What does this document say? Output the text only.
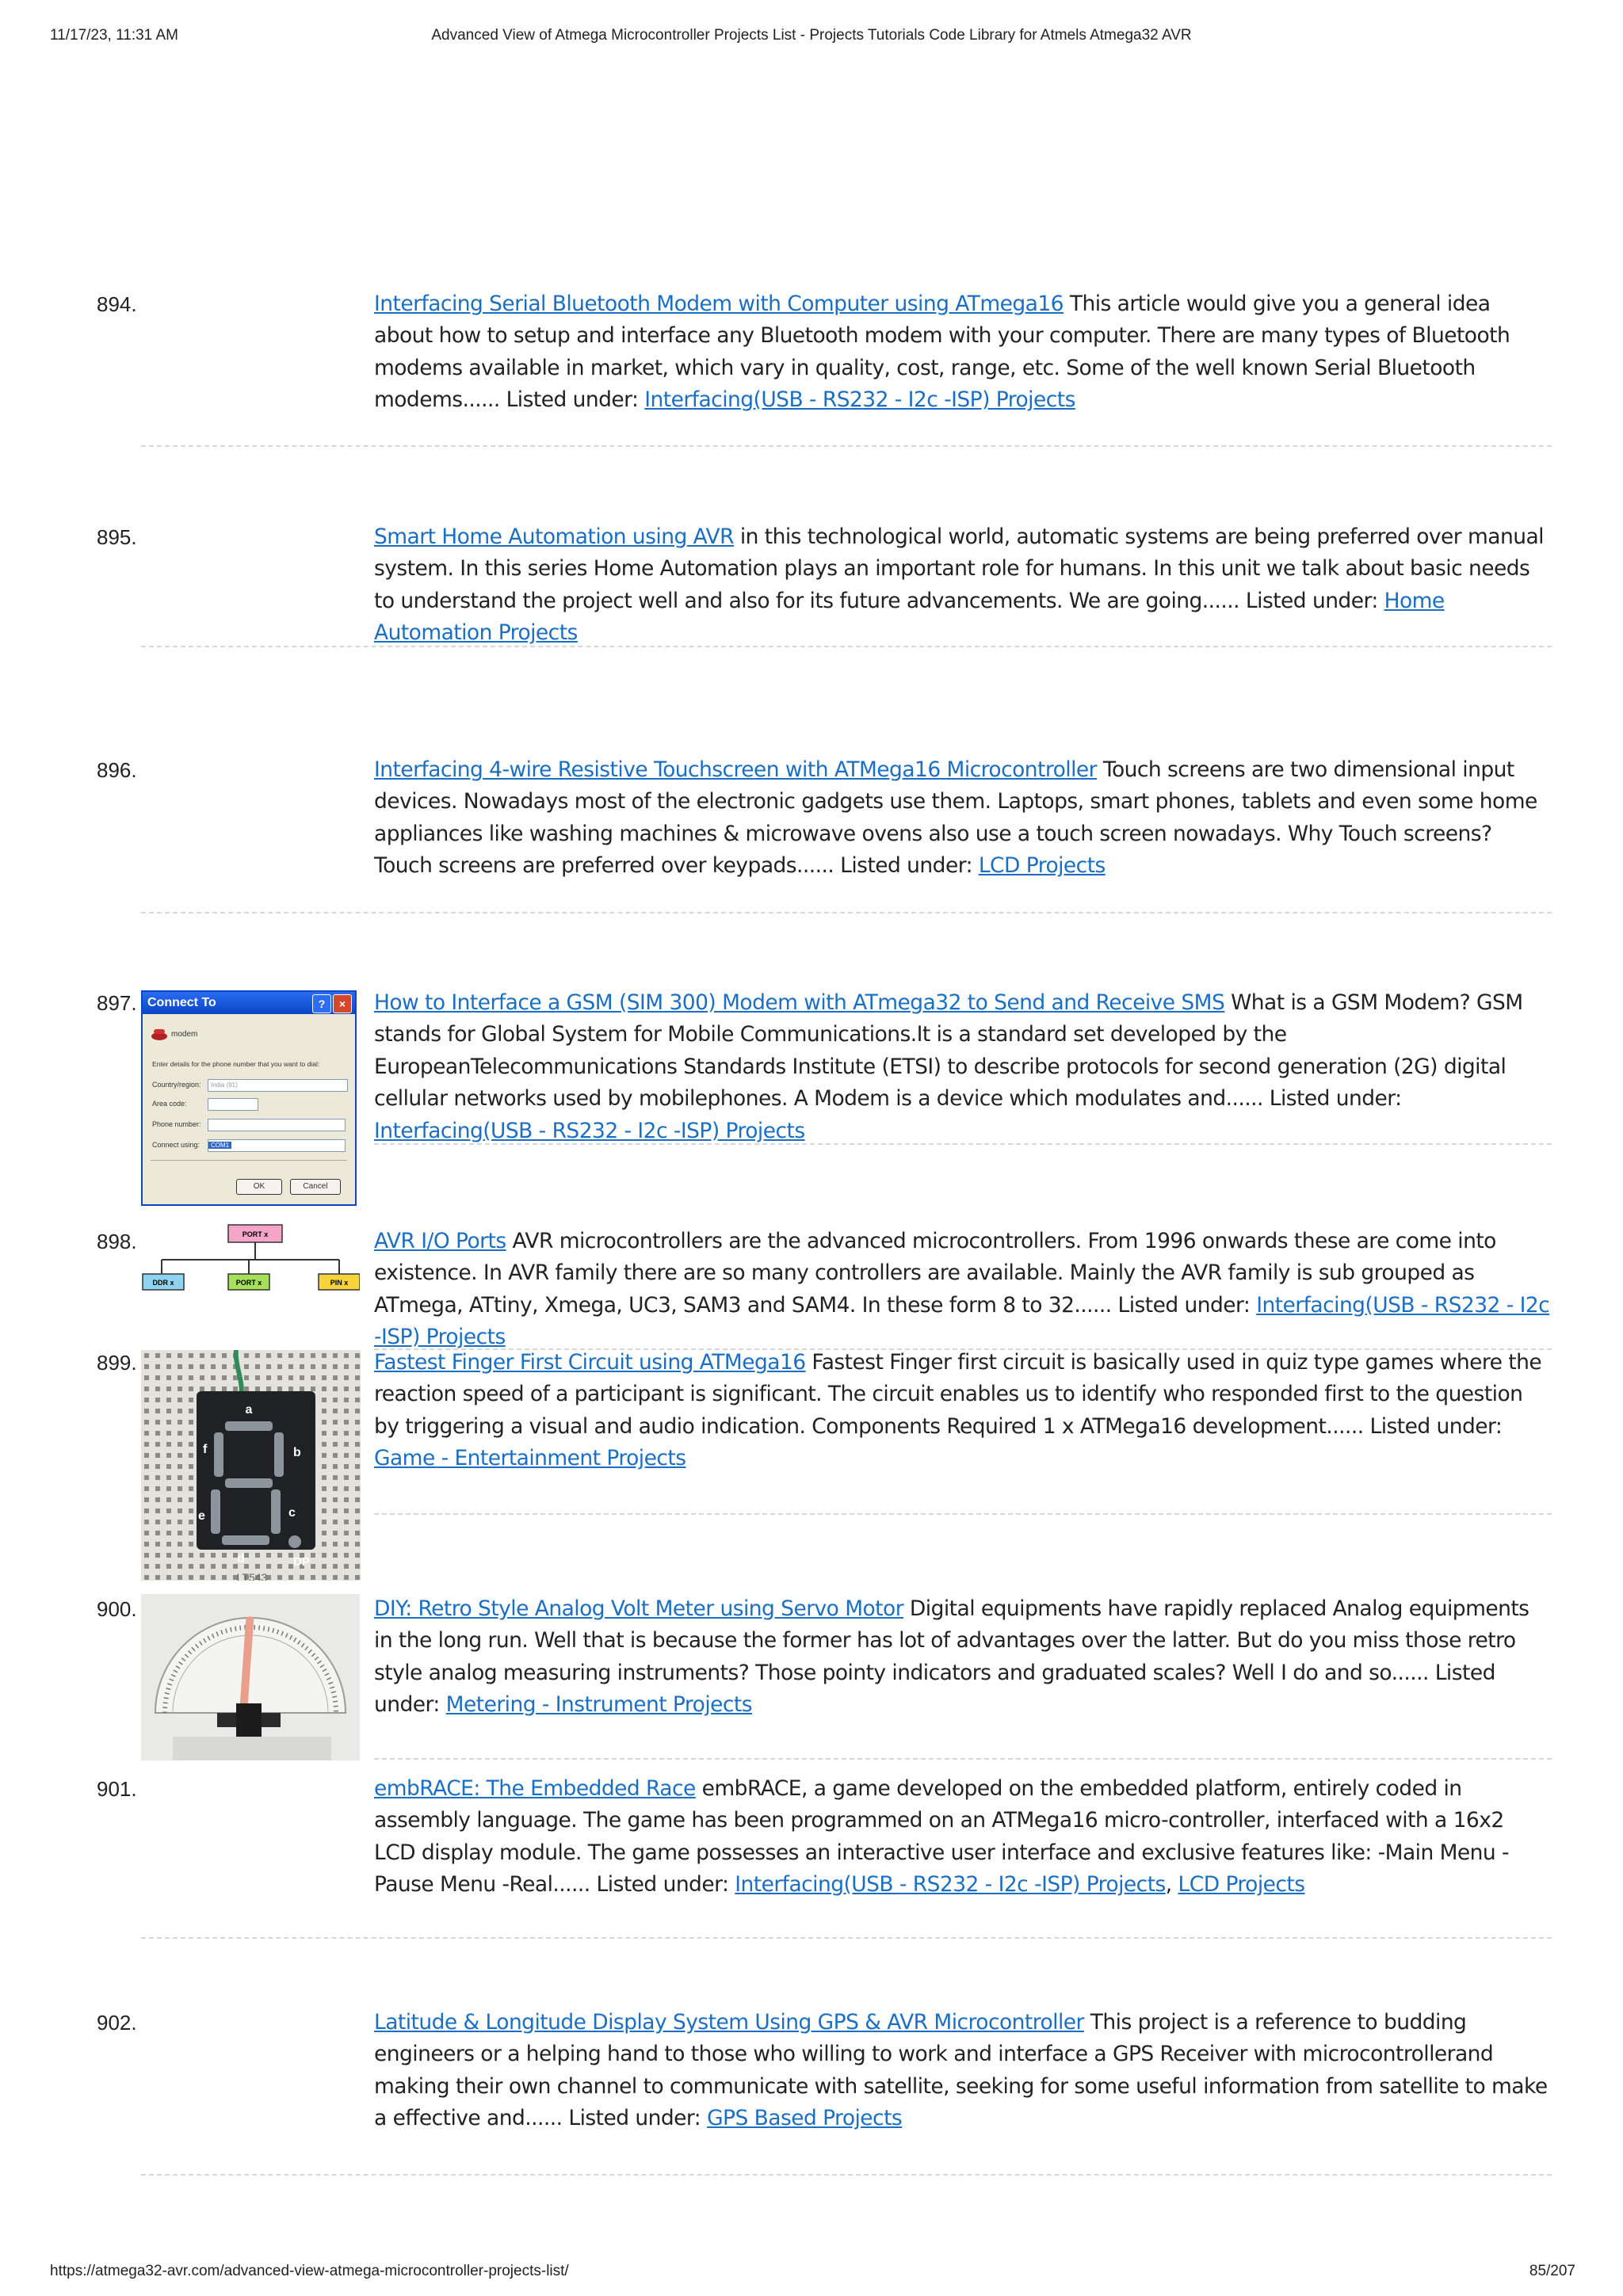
11/17/23, 11:31 AM	Advanced View of Atmega Microcontroller Projects List - Projects Tutorials Code Library for Atmels Atmega32 AVR
894.	Interfacing Serial Bluetooth Modem with Computer using ATmega16 This article would give you a general idea about how to setup and interface any Bluetooth modem with your computer. There are many types of Bluetooth modems available in market, which vary in quality, cost, range, etc. Some of the well known Serial Bluetooth modems...... Listed under: Interfacing(USB - RS232 - I2c -ISP) Projects
895.	Smart Home Automation using AVR in this technological world, automatic systems are being preferred over manual system. In this series Home Automation plays an important role for humans. In this unit we talk about basic needs to understand the project well and also for its future advancements. We are going...... Listed under: Home Automation Projects
896.	Interfacing 4-wire Resistive Touchscreen with ATMega16 Microcontroller Touch screens are two dimensional input devices. Nowadays most of the electronic gadgets use them. Laptops, smart phones, tablets and even some home appliances like washing machines & microwave ovens also use a touch screen nowadays. Why Touch screens? Touch screens are preferred over keypads...... Listed under: LCD Projects
897.	How to Interface a GSM (SIM 300) Modem with ATmega32 to Send and Receive SMS What is a GSM Modem? GSM stands for Global System for Mobile Communications.It is a standard set developed by the EuropeanTelecommunications Standards Institute (ETSI) to describe protocols for second generation (2G) digital cellular networks used by mobilephones. A Modem is a device which modulates and...... Listed under: Interfacing(USB - RS232 - I2c -ISP) Projects
Connect To	?	×
modem
Enter details for the phone number that you want to dial:
Country/region:	India (91)
Area code:
Phone number:
Connect using:	COM1
OK	Cancel
898.	AVR I/O Ports AVR microcontrollers are the advanced microcontrollers. From 1996 onwards these are come into existence. In AVR family there are so many controllers are available. Mainly the AVR family is sub grouped as ATmega, ATtiny, Xmega, UC3, SAM3 and SAM4. In these form 8 to 32...... Listed under: Interfacing(USB - RS232 - I2c -ISP) Projects
PORT x
DDR x	PORT x	PIN x
899.	Fastest Finger First Circuit using ATMega16 Fastest Finger first circuit is basically used in quiz type games where the reaction speed of a participant is significant. The circuit enables us to identify who responded first to the question by triggering a visual and audio indication. Components Required 1 x ATMega16 development...... Listed under: Game - Entertainment Projects
a
b
c
d
e
f
g
DP
LT543
900.	DIY: Retro Style Analog Volt Meter using Servo Motor Digital equipments have rapidly replaced Analog equipments in the long run. Well that is because the former has lot of advantages over the latter. But do you miss those retro style analog measuring instruments? Those pointy indicators and graduated scales? Well I do and so...... Listed under: Metering - Instrument Projects
901.	embRACE: The Embedded Race embRACE, a game developed on the embedded platform, entirely coded in assembly language. The game has been programmed on an ATMega16 micro-controller, interfaced with a 16x2 LCD display module. The game possesses an interactive user interface and exclusive features like: -Main Menu -Pause Menu -Real...... Listed under: Interfacing(USB - RS232 - I2c -ISP) Projects, LCD Projects
902.	Latitude & Longitude Display System Using GPS & AVR Microcontroller This project is a reference to budding engineers or a helping hand to those who willing to work and interface a GPS Receiver with microcontrollerand making their own channel to communicate with satellite, seeking for some useful information from satellite to make a effective and...... Listed under: GPS Based Projects
https://atmega32-avr.com/advanced-view-atmega-microcontroller-projects-list/	85/207
